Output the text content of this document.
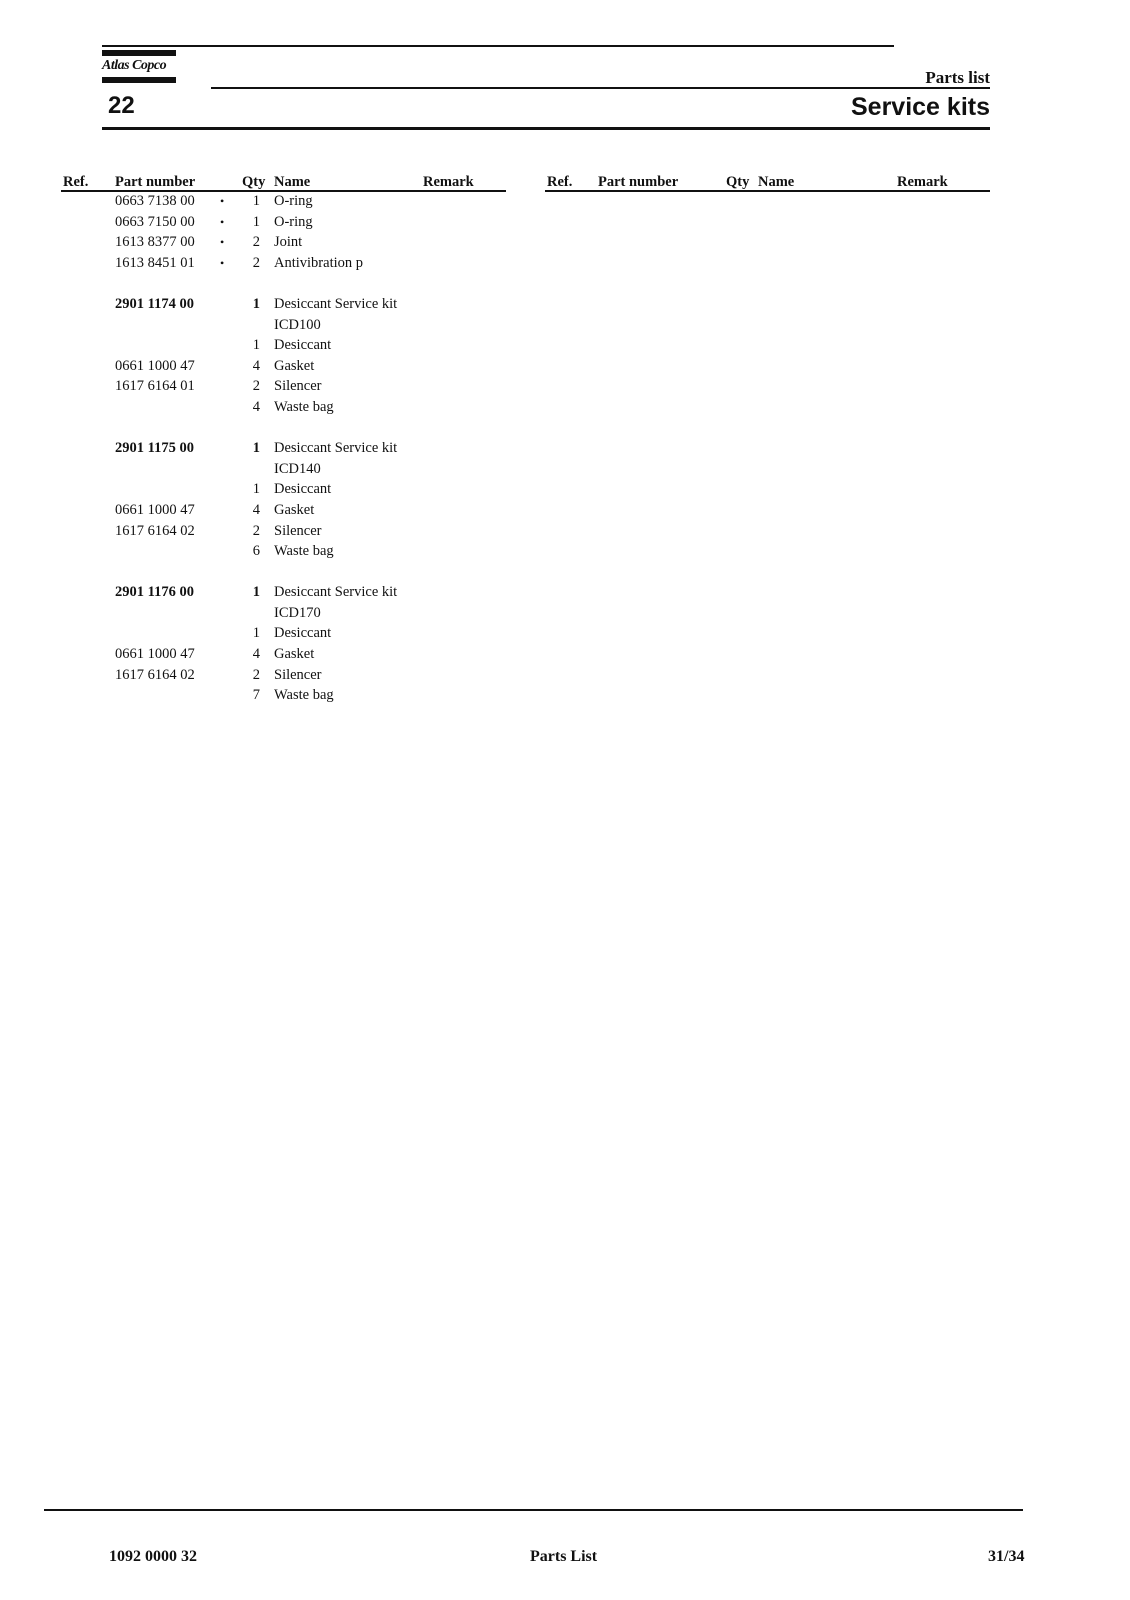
Atlas Copco
22
Parts list
Service kits
Ref. Part number	Qty Name	Remark	Ref. Part number	Qty Name	Remark
0663 7138 00 •	1 O-ring
0663 7150 00 •	1 O-ring
1613 8377 00 •	2 Joint
1613 8451 01 •	2 Antivibration p
2901 1174 00	1 Desiccant Service kit
ICD100
1 Desiccant
0661 1000 47	4 Gasket
1617 6164 01	2 Silencer
4 Waste bag
2901 1175 00	1 Desiccant Service kit
ICD140
1 Desiccant
0661 1000 47	4 Gasket
1617 6164 02	2 Silencer
6 Waste bag
2901 1176 00	1 Desiccant Service kit
ICD170
1 Desiccant
0661 1000 47	4 Gasket
1617 6164 02	2 Silencer
7 Waste bag
1092 0000 32	Parts List	31/34
